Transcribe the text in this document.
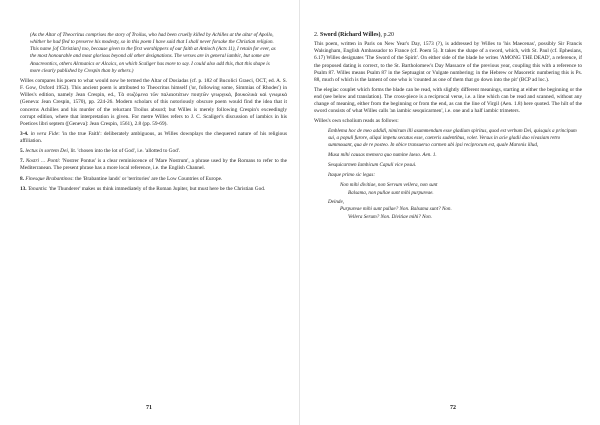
(As the Altar of Theocritus comprises the story of Troilus, who had been cruelly killed by Achilles at the altar of Apollo, whither he had fled to preserve his modesty, so in this poem I have said that I shall never forsake the Christian religion. This name [of Christian] too, because given to the first worshippers of our faith at Antioch (Acts 11), I retain for ever, as the most honourable and most glorious beyond all other designations. The verses are in general iambic, but some are Anacreontics, others Alcmanics or Alcaics, on which Scaliger has more to say. I could also add this, that this shape is more clearly published by Crespin than by others.)

Willes compares his poem to what would now be termed the Altar of Dosiadas (cf. p. 182 of Bucolici Graeci, OCT, ed. A. S. F. Gow, Oxford 1952). This ancient poem is attributed to Theocritus himself ('or, following some, Simmias of Rhodes') in Willes's edition, namely Jean Crespin, ed., Τὰ σωζόμενα τῶν παλαιοτάτων ποιητῶν γεωργικά, βουκολικὰ καὶ γνωμικά (Geneva: Jean Crespin, 1570), pp. 224-26. Modern scholars of this notoriously obscure poem would find the idea that it concerns Achilles and his murder of the reluctant Troilus absurd; but Willes is merely following Crespin's exceedingly corrupt edition, where that interpretation is given. For metre Willes refers to J. C. Scaliger's discussion of iambics in his Poetices libri septem ([Geneva]: Jean Crespin, 1561), 2.8 (pp. 59-69).

3-4. in vera Fide: 'in the true Faith': deliberately ambiguous, as Willes downplays the chequered nature of his religious affiliation.

5. lectus in sortem Dei, lit. 'chosen into the lot of God', i.e. 'allotted to God'.

7. Nostri … Ponti: 'Nostrer Pontus' is a clear reminiscence of 'Mare Nostrum', a phrase used by the Romans to refer to the Mediterranean. The present phrase has a more local reference, i.e. the English Channel.

8. Finesque Brabantinos: the 'Brabantine lands' or 'territories' are the Low Countries of Europe.

13. Tonantis: 'the Thunderer' makes us think immediately of the Roman Jupiter, but must here be the Christian God.

71

2. Sword (Richard Willes), p.20

This poem, written in Paris on New Year's Day, 1573 (?), is addressed by Willes to 'his Maecenas', possibly Sir Francis Walsingham, English Ambassador to France (cf. Poem 5). It takes the shape of a sword, which, with St. Paul (cf. Ephesians, 6.17) Willes designates 'The Sword of the Spirit'. On either side of the blade he writes 'AMONG THE DEAD', a reference, if the proposed dating is correct, to the St. Bartholomew's Day Massacre of the previous year, coupling this with a reference to Psalm 87. Willes means Psalm 87 in the Septuagint or Vulgate numbering; in the Hebrew or Masoretic numbering this is Ps. 88, much of which is the lament of one who is 'counted as one of them that go down into the pit' (BCP ad loc.).

The elegiac couplet which forms the blade can be read, with slightly different meanings, starting at either the beginning or the end (see below and translation). The cross-piece is a reciprocal verse, i.e. a line which can be read and scanned, without any change of meaning, either from the beginning or from the end, as can the line of Virgil (Aen. 1.8) here quoted. The hilt of the sword consists of what Willes calls 'an iambic sesquicarmen', i.e. one and a half iambic trimeters.

Willes's own scholium reads as follows:

Emblema hoc de meo addidi, nimirum illi asummendum esse gladium spiritus, quod est verbum Dei, quisquis a principum sui, a populi furore, aliqui impetu secutus esse, caeteris sudentibus, volet. Versus in acie gladii duo vivasiam retro summouant, qua de re posteo. In obice transuerso carmen ubi ipsi reciprocum est, quale Maronis illud,

Musa mihi causas memora quo numine laeso. Aen. 1.

Sesquicarmen Iambicum Capuli vice posui.

Itaque primo sic legas:

Non mihi divitiae, non Servum vellera, non sunt
Balsama, non pullae sunt mihi purpureae.
Deinde,
Purpureae mihi sunt pullae? Non. Balsama sunt? Non.
Vellera Serum? Non. Divitiae mihi? Non.
72
